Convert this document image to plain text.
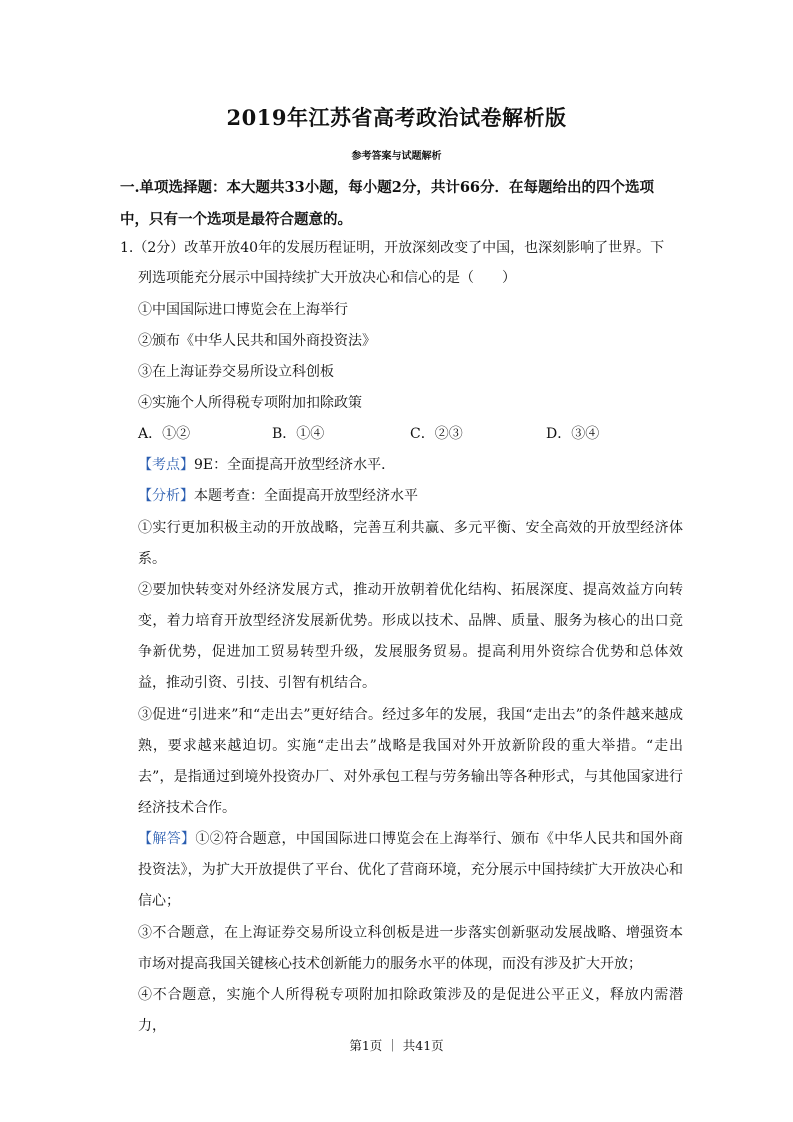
2019年江苏省高考政治试卷解析版
参考答案与试题解析
一.单项选择题：本大题共33小题，每小题2分，共计66分．在每题给出的四个选项中，只有一个选项是最符合题意的。
1.（2分）改革开放40年的发展历程证明，开放深刻改变了中国，也深刻影响了世界。下
列选项能充分展示中国持续扩大开放决心和信心的是（　　）
①中国国际进口博览会在上海举行
②颁布《中华人民共和国外商投资法》
③在上海证券交易所设立科创板
④实施个人所得税专项附加扣除政策
A．①②	B．①④	C．②③	D．③④
【考点】9E：全面提高开放型经济水平．
【分析】本题考查：全面提高开放型经济水平
①实行更加积极主动的开放战略，完善互利共赢、多元平衡、安全高效的开放型经济体系。
②要加快转变对外经济发展方式，推动开放朝着优化结构、拓展深度、提高效益方向转变，着力培育开放型经济发展新优势。形成以技术、品牌、质量、服务为核心的出口竞争新优势，促进加工贸易转型升级，发展服务贸易。提高利用外资综合优势和总体效益，推动引资、引技、引智有机结合。
③促进“引进来”和“走出去”更好结合。经过多年的发展，我国“走出去”的条件越来越成熟，要求越来越迫切。实施“走出去”战略是我国对外开放新阶段的重大举措。“走出去”，是指通过到境外投资办厂、对外承包工程与劳务输出等各种形式，与其他国家进行经济技术合作。
【解答】①②符合题意，中国国际进口博览会在上海举行、颁布《中华人民共和国外商投资法》，为扩大开放提供了平台、优化了营商环境，充分展示中国持续扩大开放决心和信心；
③不合题意，在上海证券交易所设立科创板是进一步落实创新驱动发展战略、增强资本市场对提高我国关键核心技术创新能力的服务水平的体现，而没有涉及扩大开放；
④不合题意，实施个人所得税专项附加扣除政策涉及的是促进公平正义，释放内需潜力，
第1页 ｜ 共41页
